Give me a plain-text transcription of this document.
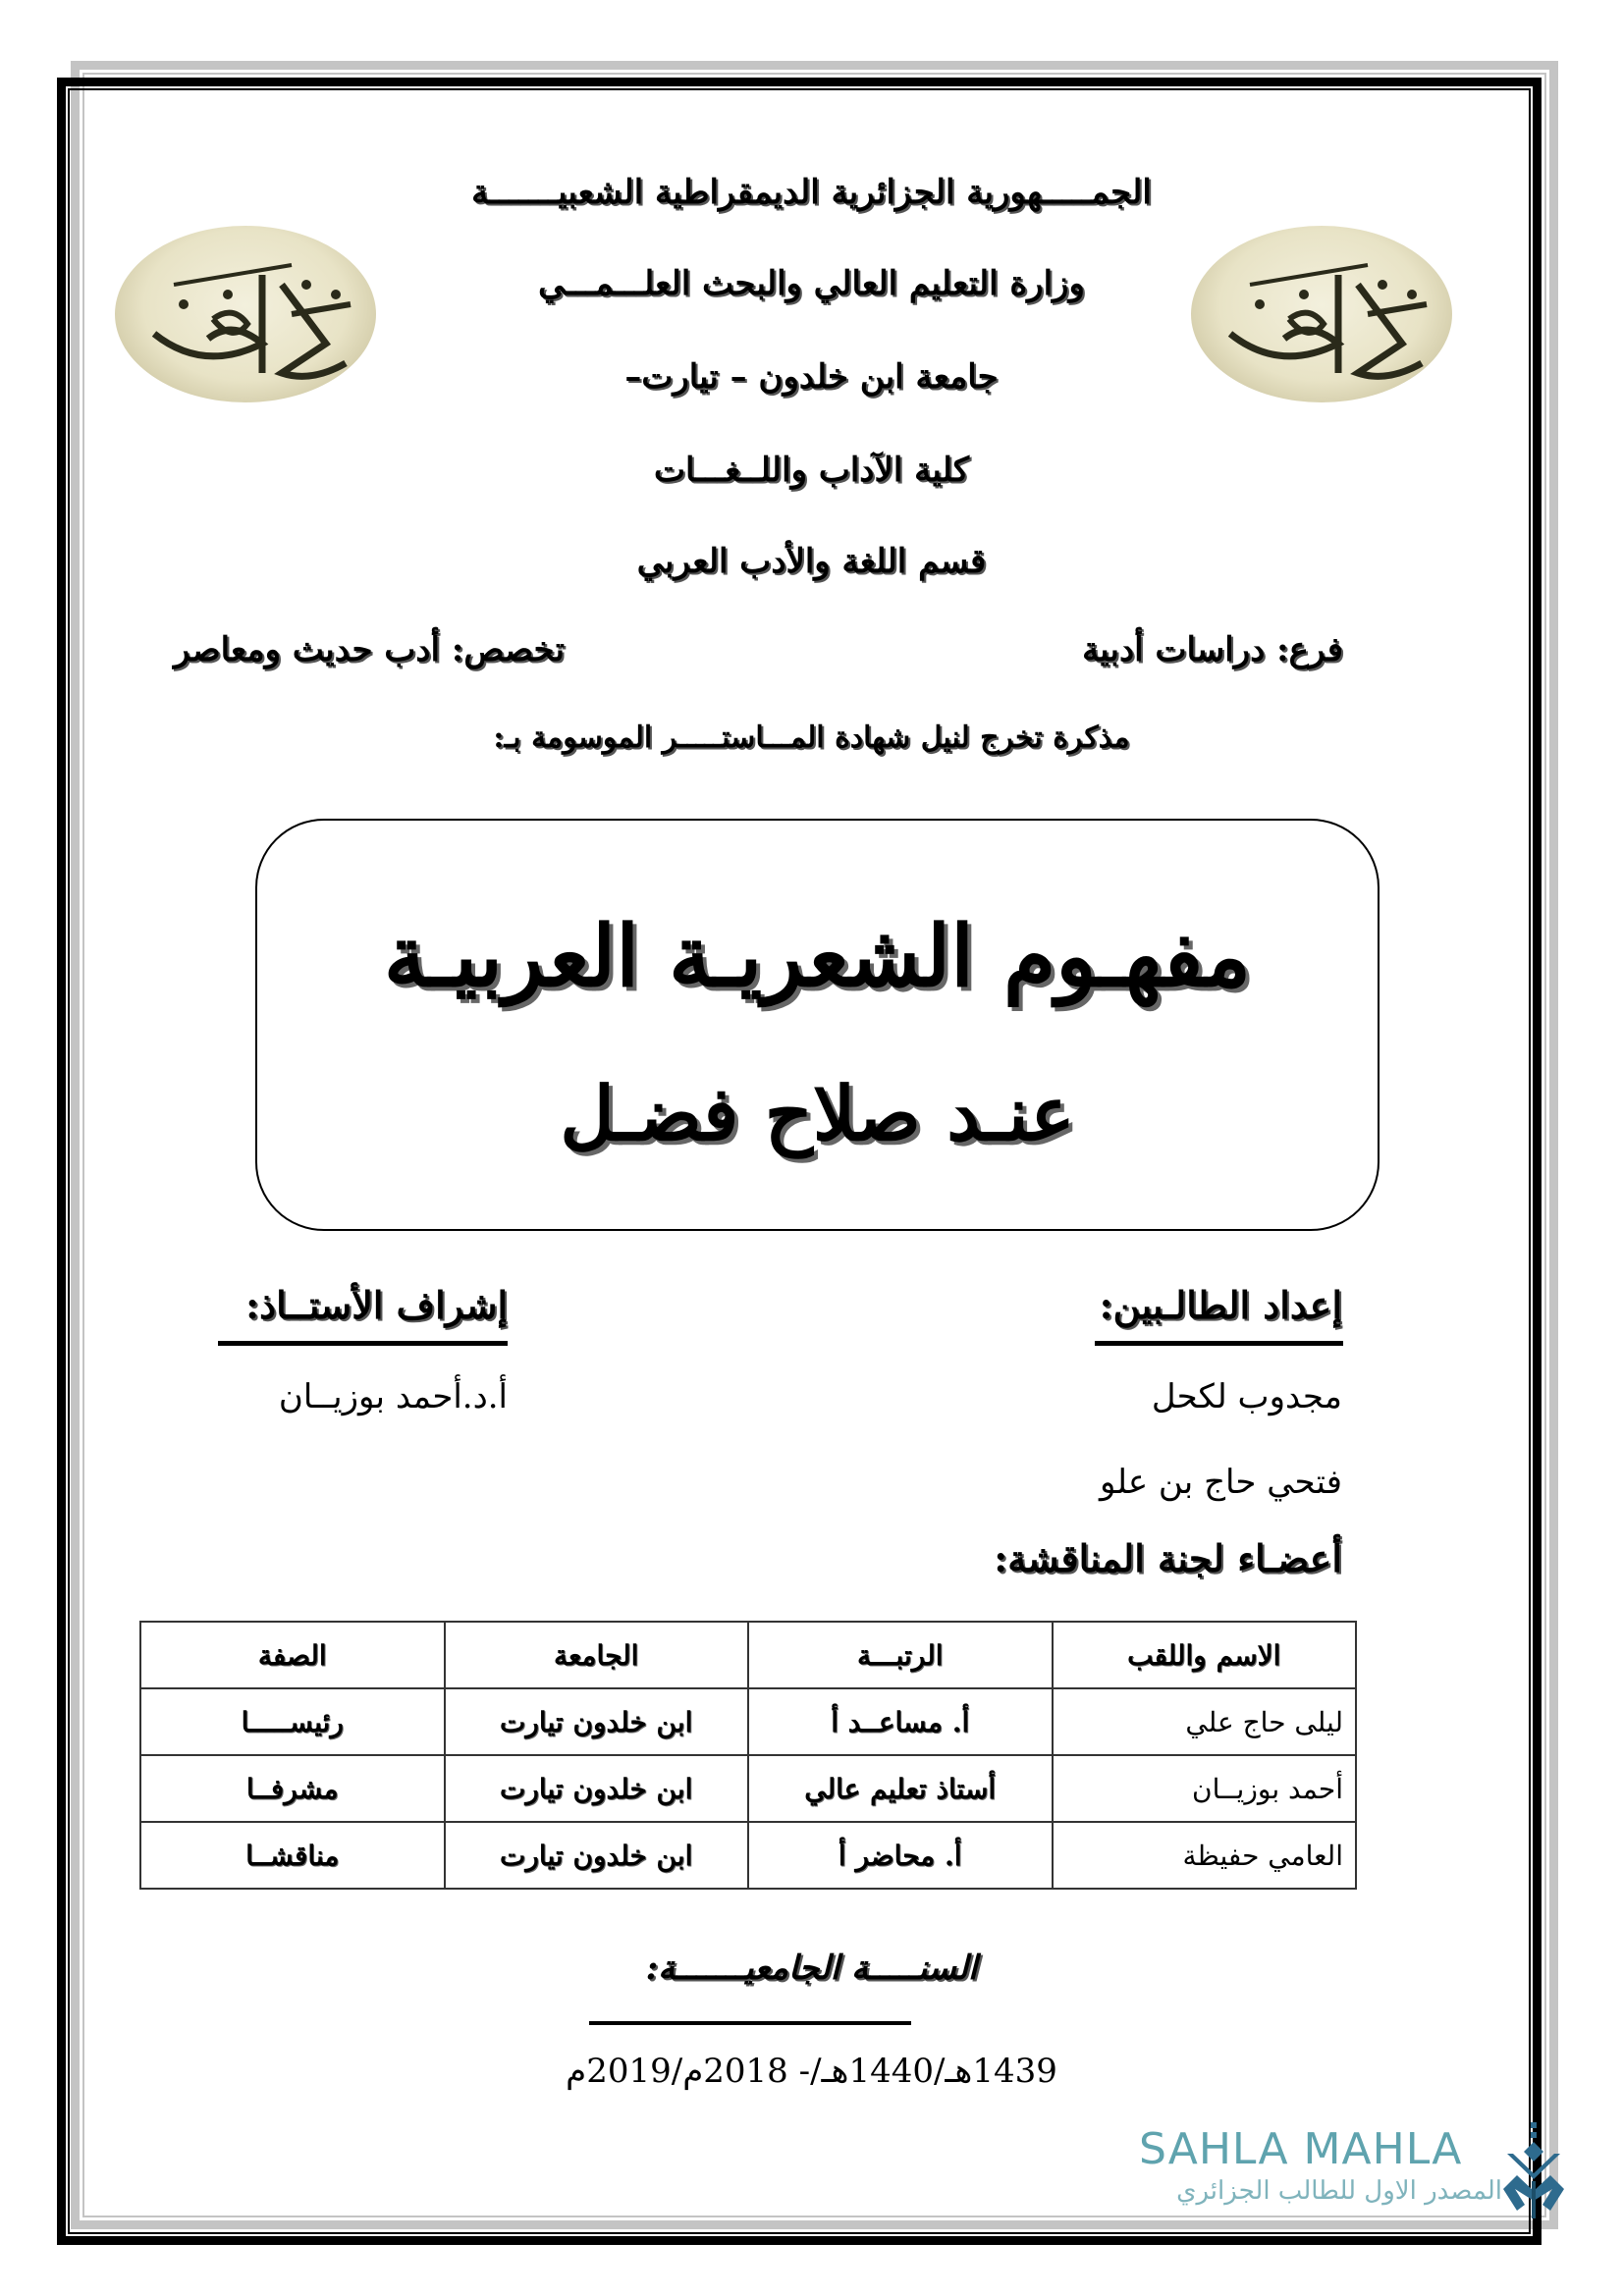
الجمـــــهورية الجزائرية الديمقراطية الشعبيـــــــة
وزارة التعليم العالي والبحث العلـــمـــي
جامعة ابن خلدون – تيارت–
كلية الآداب واللــغـــات
قسم اللغة والأدب العربي
فرع: دراسات أدبية
تخصص: أدب حديث ومعاصر
مذكرة تخرج لنيل شهادة المـــاستـــــر الموسومة بـ:
مفهـوم الشعريـة العربيـة
عنـد صلاح فضـل
إعداد الطالـبين:
مجدوب لكحل
فتحي حاج بن علو
إشراف الأستــاذ:
أ.د.أحمد بوزيــان
أعضـاء لجنة المناقشة:
الاسم واللقب	الرتبـــة	الجامعة	الصفة
ليلى حاج علي	أ. مساعــد أ	ابن خلدون تيارت	رئيســـــا
أحمد بوزيــان	أستاذ تعليم عالي	ابن خلدون تيارت	مشرفــا
العامي حفيظة	أ. محاضر أ	ابن خلدون تيارت	مناقشــا
السنـــــة الجامعيـــــــة:
1439هـ/1440هـ/- 2018م/2019م
SAHLA MAHLA
المصدر الاول للطالب الجزائري
